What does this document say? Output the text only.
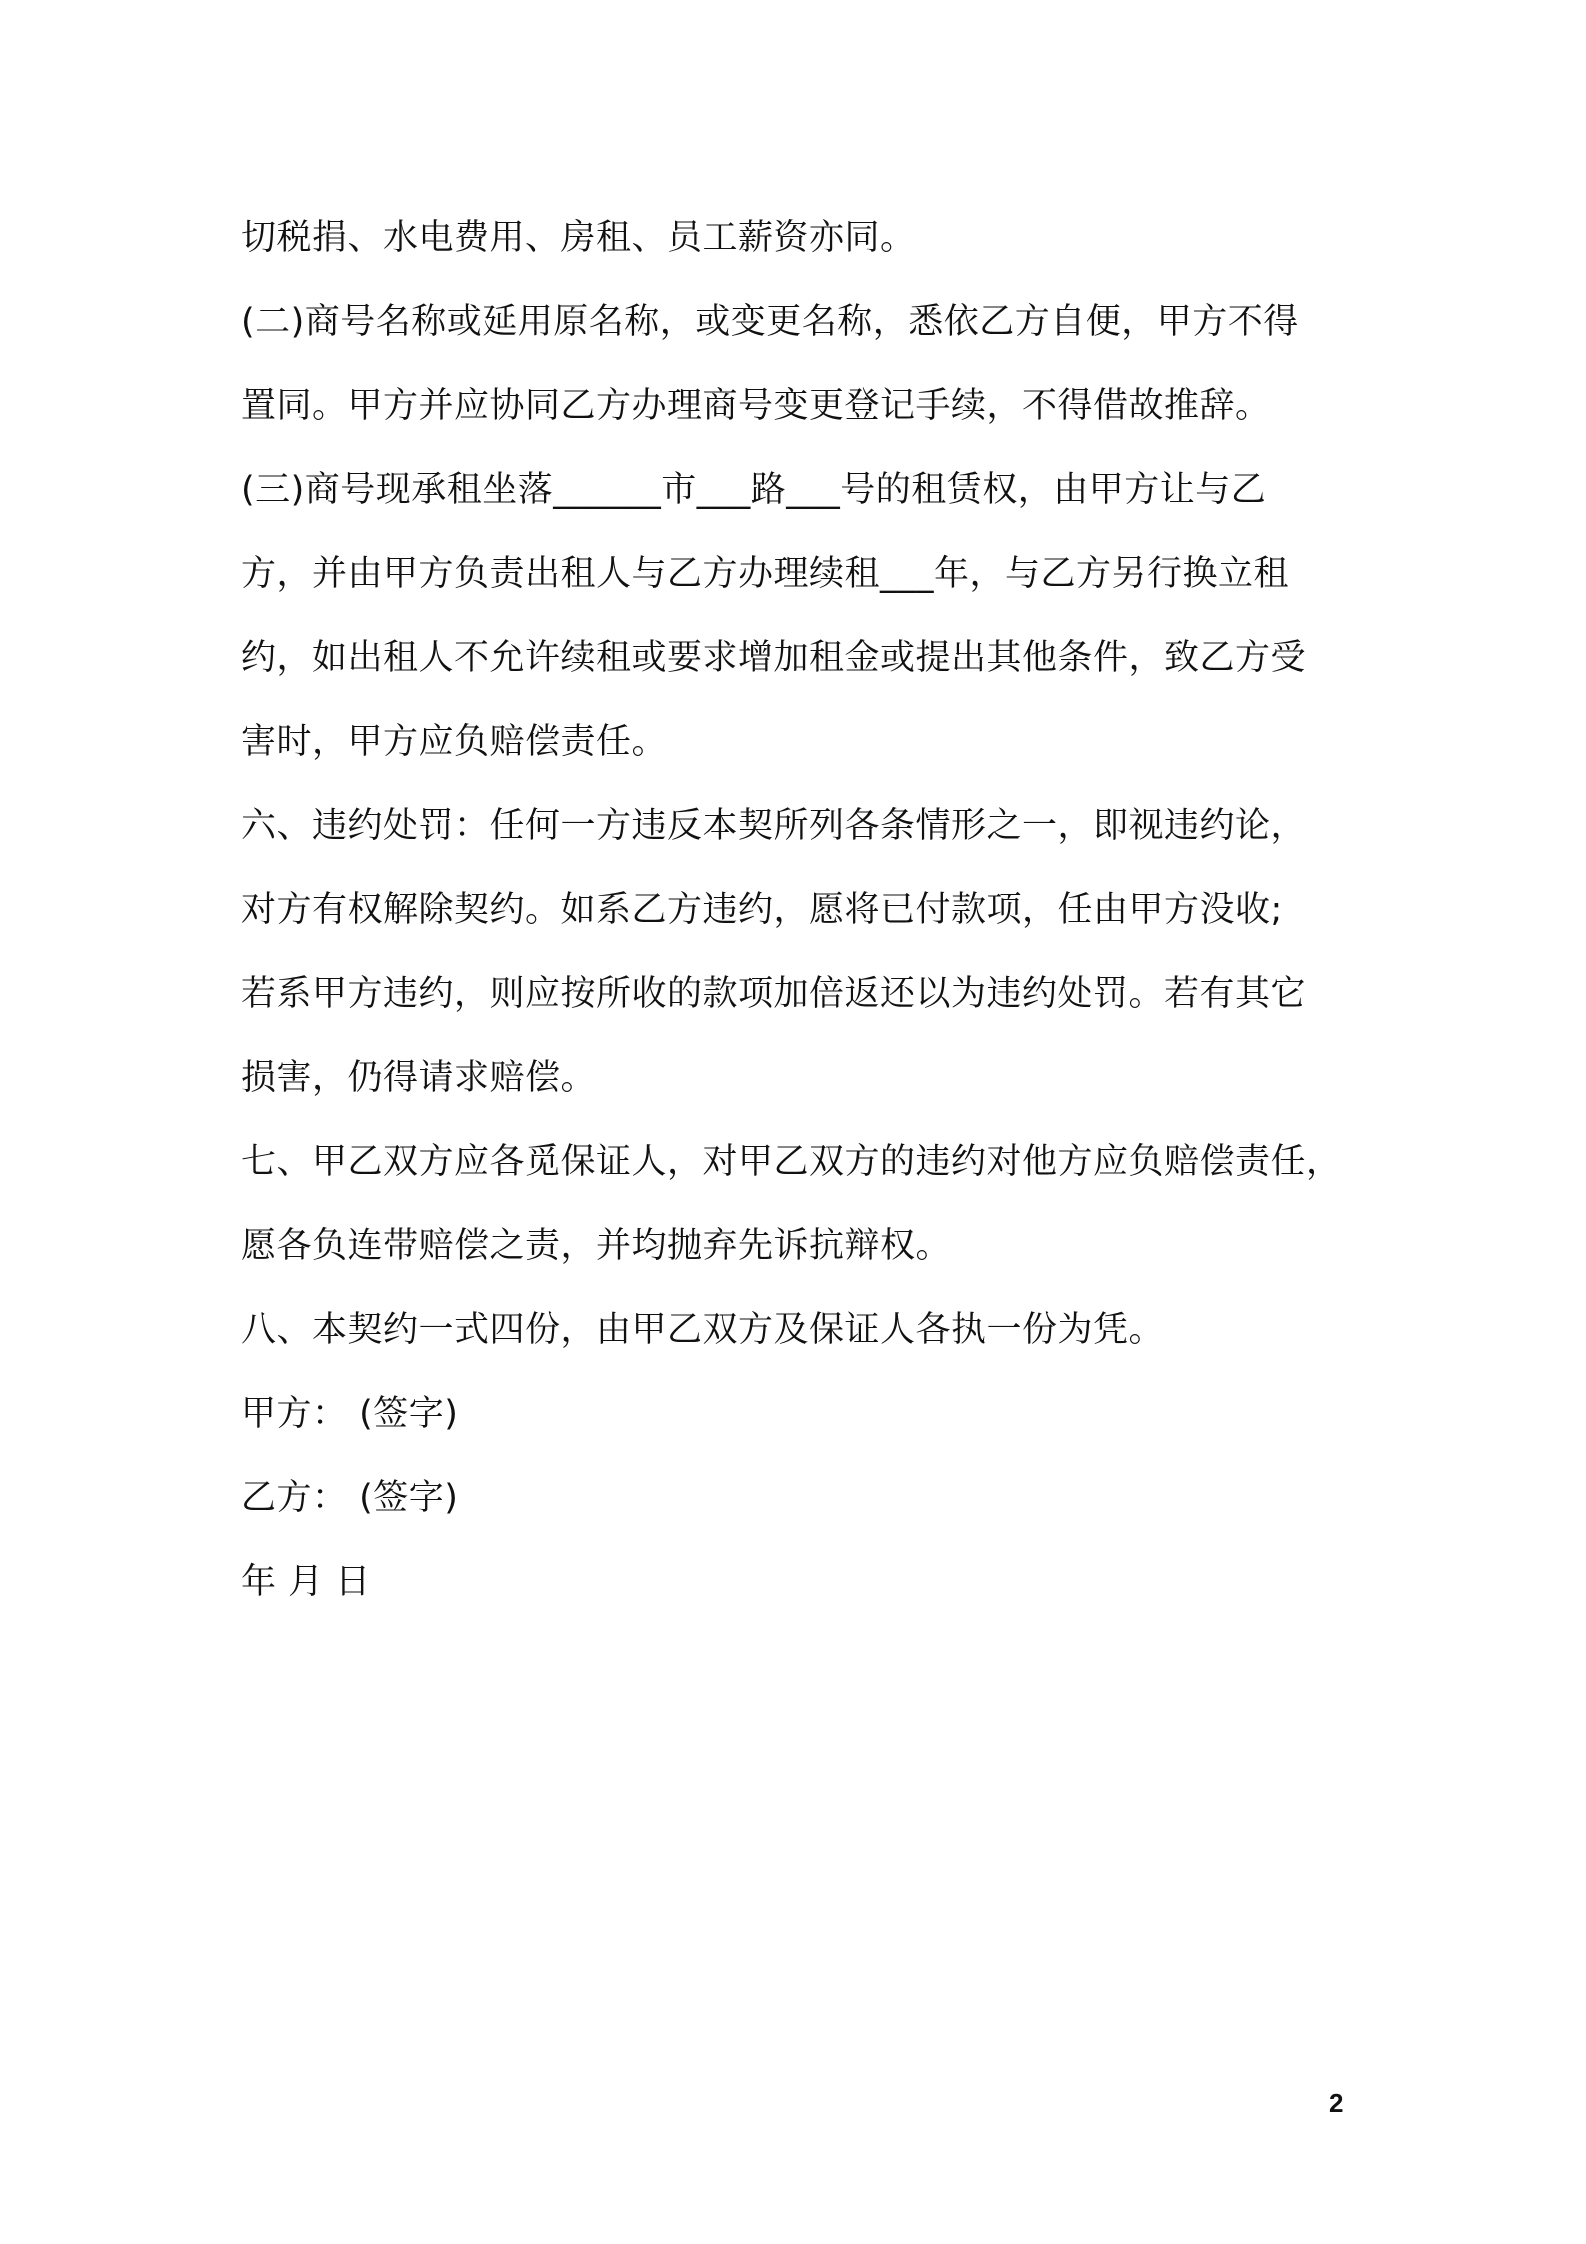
切税捐、水电费用、房租、员工薪资亦同。
(二)商号名称或延用原名称，或变更名称，悉依乙方自便，甲方不得
置同。甲方并应协同乙方办理商号变更登记手续，不得借故推辞。
(三)商号现承租坐落______市___路___号的租赁权，由甲方让与乙
方，并由甲方负责出租人与乙方办理续租___年，与乙方另行换立租
约，如出租人不允许续租或要求增加租金或提出其他条件，致乙方受
害时，甲方应负赔偿责任。
六、违约处罚：任何一方违反本契所列各条情形之一，即视违约论，
对方有权解除契约。如系乙方违约，愿将已付款项，任由甲方没收;
若系甲方违约，则应按所收的款项加倍返还以为违约处罚。若有其它
损害，仍得请求赔偿。
七、甲乙双方应各觅保证人，对甲乙双方的违约对他方应负赔偿责任，
愿各负连带赔偿之责，并均抛弃先诉抗辩权。
八、本契约一式四份，由甲乙双方及保证人各执一份为凭。
甲方： (签字)
乙方： (签字)
年 月 日
2
